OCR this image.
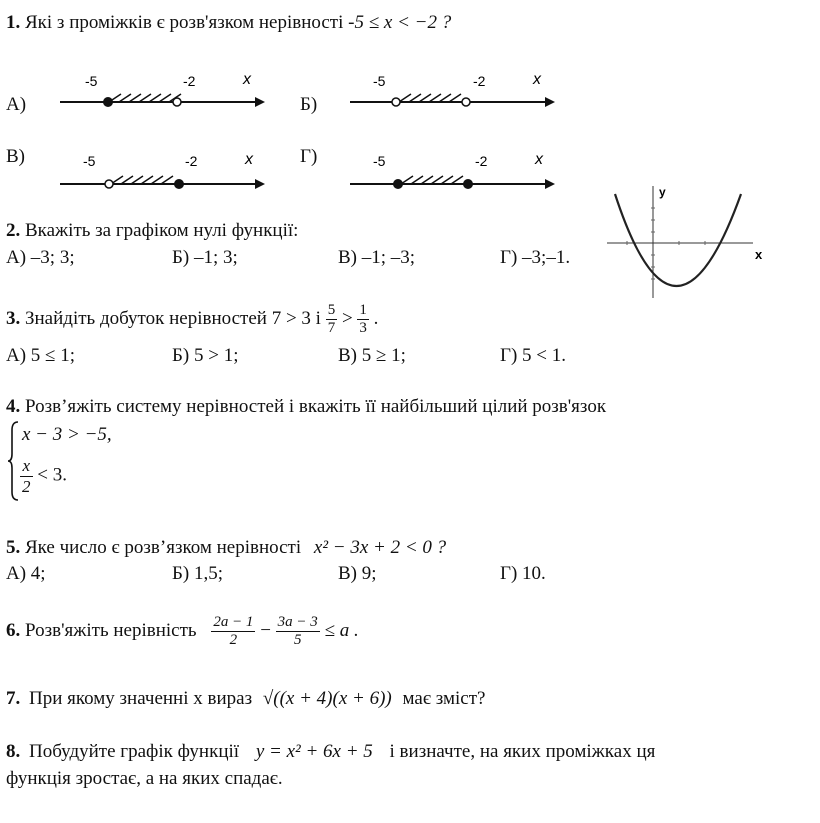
1. Які з проміжків є розв'язком нерівності -5 ≤ x < −2 ?
А)	Б)
В)	Г)
-5	-2	x	-5	-2	x
-5	-2	x	-5	-2	x
2. Вкажіть за графіком нулі функції:
А) –3; 3;	Б) –1; 3;	В) –1; –3;	Г) –3;–1.
y
x
3. Знайдіть добуток нерівностей 7 > 3 і $\frac{5}{7} > \frac{1}{3}$ .
А) 5 ≤ 1;	Б) 5 > 1;	В) 5 ≥ 1;	Г) 5 < 1.
4. Розв’яжіть систему нерівностей і вкажіть її найбільший цілий розв'язок
x − 3 > −5,
$\frac{x}{2} < 3$.
5. Яке число є розв’язком нерівності x² − 3x + 2 < 0 ?
А) 4;	Б) 1,5;	В) 9;	Г) 10.
6. Розв'яжіть нерівність $\frac{2a - 1}{2} - \frac{3a - 3}{5} \le a$ .
7. При якому значенні х вираз √((x + 4)(x + 6)) має зміст?
8. Побудуйте графік функції y = x² + 6x + 5 і визначте, на яких проміжках ця
функція зростає, а на яких спадає.
